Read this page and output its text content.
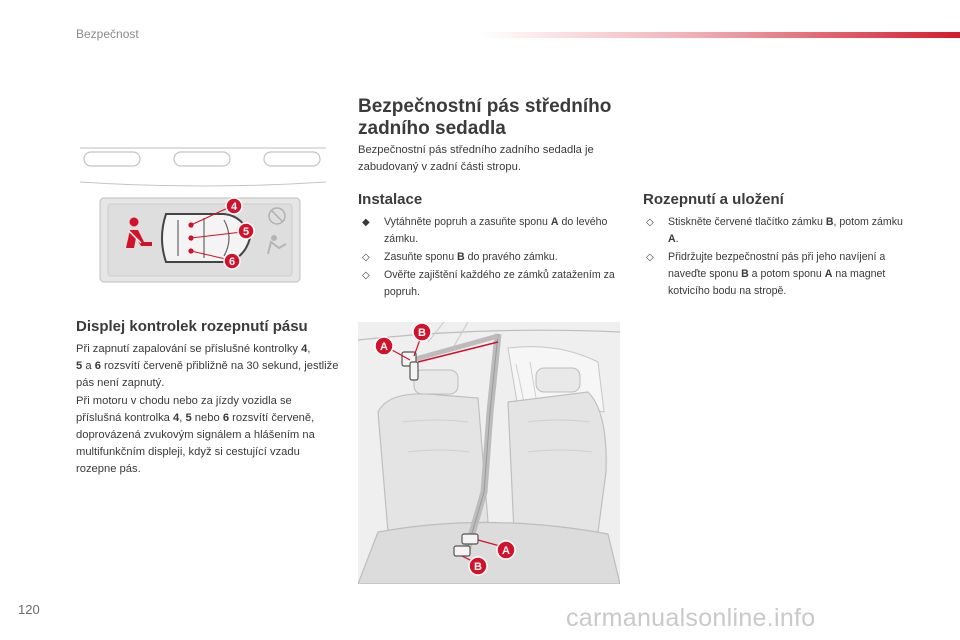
Bezpečnost
4
5
6
Bezpečnostní pás středního zadního sedadla
Bezpečnostní pás středního zadního sedadla je zabudovaný v zadní části stropu.
Instalace
◆ Vytáhněte popruh a zasuňte sponu A do levého zámku.
◇ Zasuňte sponu B do pravého zámku.
◇ Ověřte zajištění každého ze zámků zatažením za popruh.
Rozepnutí a uložení
◇ Stiskněte červené tlačítko zámku B, potom zámku A.
◇ Přidržujte bezpečnostní pás při jeho navíjení a naveďte sponu B a potom sponu A na magnet kotvicího bodu na stropě.
Displej kontrolek rozepnutí pásu
Při zapnutí zapalování se příslušné kontrolky 4,
5 a 6 rozsvítí červeně přibližně na 30 sekund, jestliže pás není zapnutý.
Při motoru v chodu nebo za jízdy vozidla se příslušná kontrolka 4, 5 nebo 6 rozsvítí červeně, doprovázená zvukovým signálem a hlášením na multifunkčním displeji, když si cestující vzadu rozepne pás.
A
B
A
B
120	carmanualsonline.info
